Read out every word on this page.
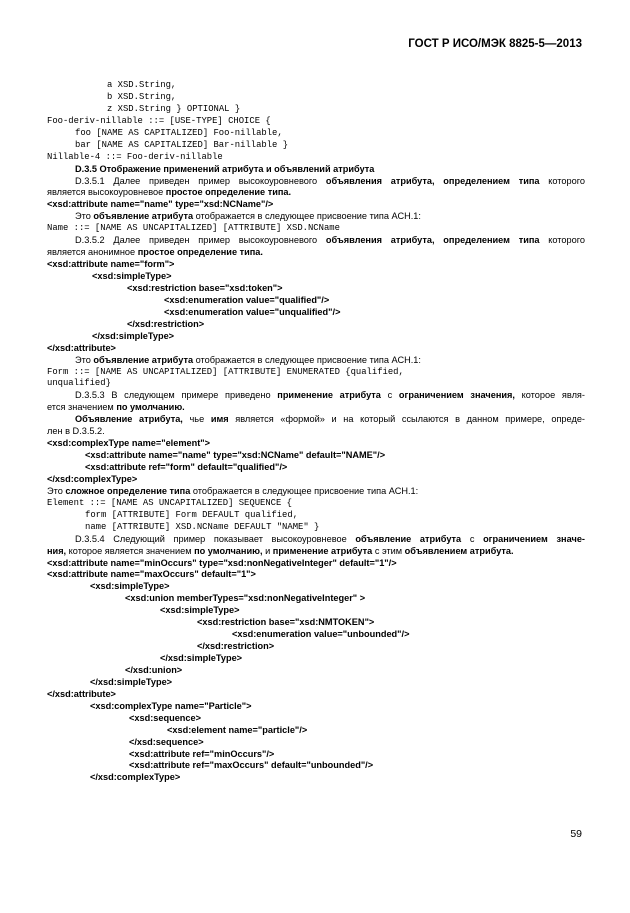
ГОСТ Р ИСО/МЭК 8825-5—2013
a XSD.String,
b XSD.String,
z XSD.String } OPTIONAL }
Foo-deriv-nillable ::= [USE-TYPE] CHOICE {
foo [NAME AS CAPITALIZED] Foo-nillable,
bar [NAME AS CAPITALIZED] Bar-nillable }
Nillable-4 ::= Foo-deriv-nillable
D.3.5 Отображение применений атрибута и объявлений атрибута
D.3.5.1 Далее приведен пример высокоуровневого объявления атрибута, определением типа которого
является высокоуровневое простое определение типа.
<xsd:attribute name="name" type="xsd:NCName"/>
Это объявление атрибута отображается в следующее присвоение типа АСН.1:
Name ::= [NAME AS UNCAPITALIZED] [ATTRIBUTE] XSD.NCName
D.3.5.2 Далее приведен пример высокоуровневого объявления атрибута, определением типа которого
является анонимное простое определение типа.
<xsd:attribute name="form">
<xsd:simpleType>
<xsd:restriction base="xsd:token">
<xsd:enumeration value="qualified"/>
<xsd:enumeration value="unqualified"/>
</xsd:restriction>
</xsd:simpleType>
</xsd:attribute>
Это объявление атрибута отображается в следующее присвоение типа АСН.1:
Form ::= [NAME AS UNCAPITALIZED] [ATTRIBUTE] ENUMERATED {qualified,
unqualified}
D.3.5.3 В следующем примере приведено применение атрибута с ограничением значения, которое явля-
ется значением по умолчанию.
Объявление атрибута, чье имя является «формой» и на который ссылаются в данном примере, опреде-
лен в D.3.5.2.
<xsd:complexType name="element">
<xsd:attribute name="name" type="xsd:NCName" default="NAME"/>
<xsd:attribute ref="form" default="qualified"/>
</xsd:complexType>
Это сложное определение типа отображается в следующее присвоение типа АСН.1:
Element ::= [NAME AS UNCAPITALIZED] SEQUENCE {
form [ATTRIBUTE] Form DEFAULT qualified,
name [ATTRIBUTE] XSD.NCName DEFAULT "NAME" }
D.3.5.4 Следующий пример показывает высокоуровневое объявление атрибута с ограничением значе-
ния, которое является значением по умолчанию, и применение атрибута с этим объявлением атрибута.
<xsd:attribute name="minOccurs" type="xsd:nonNegativeInteger" default="1"/>
<xsd:attribute name="maxOccurs" default="1">
<xsd:simpleType>
<xsd:union memberTypes="xsd:nonNegativeInteger" >
<xsd:simpleType>
<xsd:restriction base="xsd:NMTOKEN">
<xsd:enumeration value="unbounded"/>
</xsd:restriction>
</xsd:simpleType>
</xsd:union>
</xsd:simpleType>
</xsd:attribute>
<xsd:complexType name="Particle">
<xsd:sequence>
<xsd:element name="particle"/>
</xsd:sequence>
<xsd:attribute ref="minOccurs"/>
<xsd:attribute ref="maxOccurs" default="unbounded"/>
</xsd:complexType>
59
